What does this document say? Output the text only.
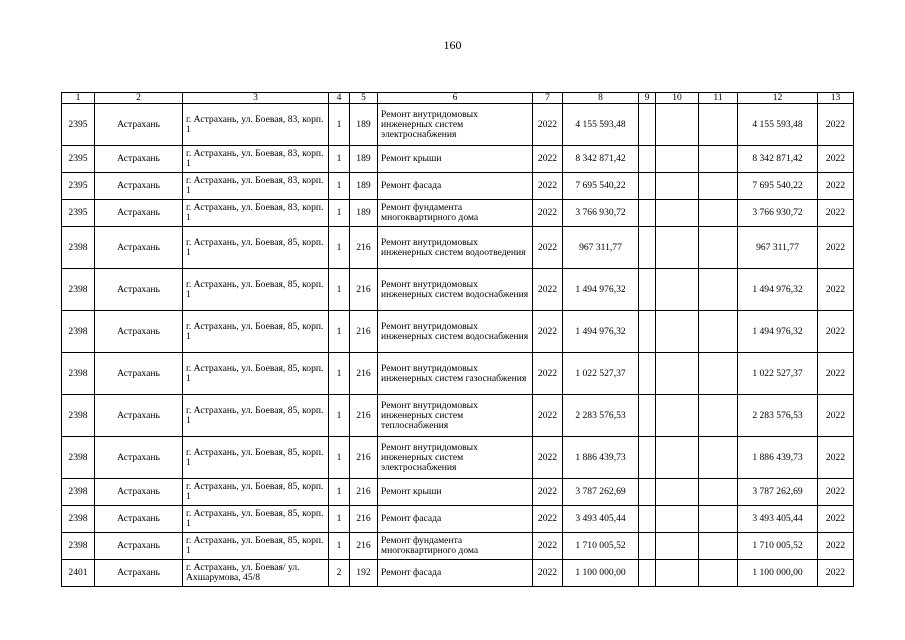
160
1	2	3	4	5	6	7	8	9	10	11	12	13
2395	Астрахань	г. Астрахань, ул. Боевая, 83, корп. 1	1	189	Ремонт внутридомовых инженерных систем электроснабжения	2022	4 155 593,48				4 155 593,48	2022
2395	Астрахань	г. Астрахань, ул. Боевая, 83, корп. 1	1	189	Ремонт крыши	2022	8 342 871,42				8 342 871,42	2022
2395	Астрахань	г. Астрахань, ул. Боевая, 83, корп. 1	1	189	Ремонт фасада	2022	7 695 540,22				7 695 540,22	2022
2395	Астрахань	г. Астрахань, ул. Боевая, 83, корп. 1	1	189	Ремонт фундамента многоквартирного дома	2022	3 766 930,72				3 766 930,72	2022
2398	Астрахань	г. Астрахань, ул. Боевая, 85, корп. 1	1	216	Ремонт внутридомовых инженерных систем водоотведения	2022	967 311,77				967 311,77	2022
2398	Астрахань	г. Астрахань, ул. Боевая, 85, корп. 1	1	216	Ремонт внутридомовых инженерных систем водоснабжения	2022	1 494 976,32				1 494 976,32	2022
2398	Астрахань	г. Астрахань, ул. Боевая, 85, корп. 1	1	216	Ремонт внутридомовых инженерных систем водоснабжения	2022	1 494 976,32				1 494 976,32	2022
2398	Астрахань	г. Астрахань, ул. Боевая, 85, корп. 1	1	216	Ремонт внутридомовых инженерных систем газоснабжения	2022	1 022 527,37				1 022 527,37	2022
2398	Астрахань	г. Астрахань, ул. Боевая, 85, корп. 1	1	216	Ремонт внутридомовых инженерных систем теплоснабжения	2022	2 283 576,53				2 283 576,53	2022
2398	Астрахань	г. Астрахань, ул. Боевая, 85, корп. 1	1	216	Ремонт внутридомовых инженерных систем электроснабжения	2022	1 886 439,73				1 886 439,73	2022
2398	Астрахань	г. Астрахань, ул. Боевая, 85, корп. 1	1	216	Ремонт крыши	2022	3 787 262,69				3 787 262,69	2022
2398	Астрахань	г. Астрахань, ул. Боевая, 85, корп. 1	1	216	Ремонт фасада	2022	3 493 405,44				3 493 405,44	2022
2398	Астрахань	г. Астрахань, ул. Боевая, 85, корп. 1	1	216	Ремонт фундамента многоквартирного дома	2022	1 710 005,52				1 710 005,52	2022
2401	Астрахань	г. Астрахань, ул. Боевая/ ул. Ахшарумова, 45/8	2	192	Ремонт фасада	2022	1 100 000,00				1 100 000,00	2022
